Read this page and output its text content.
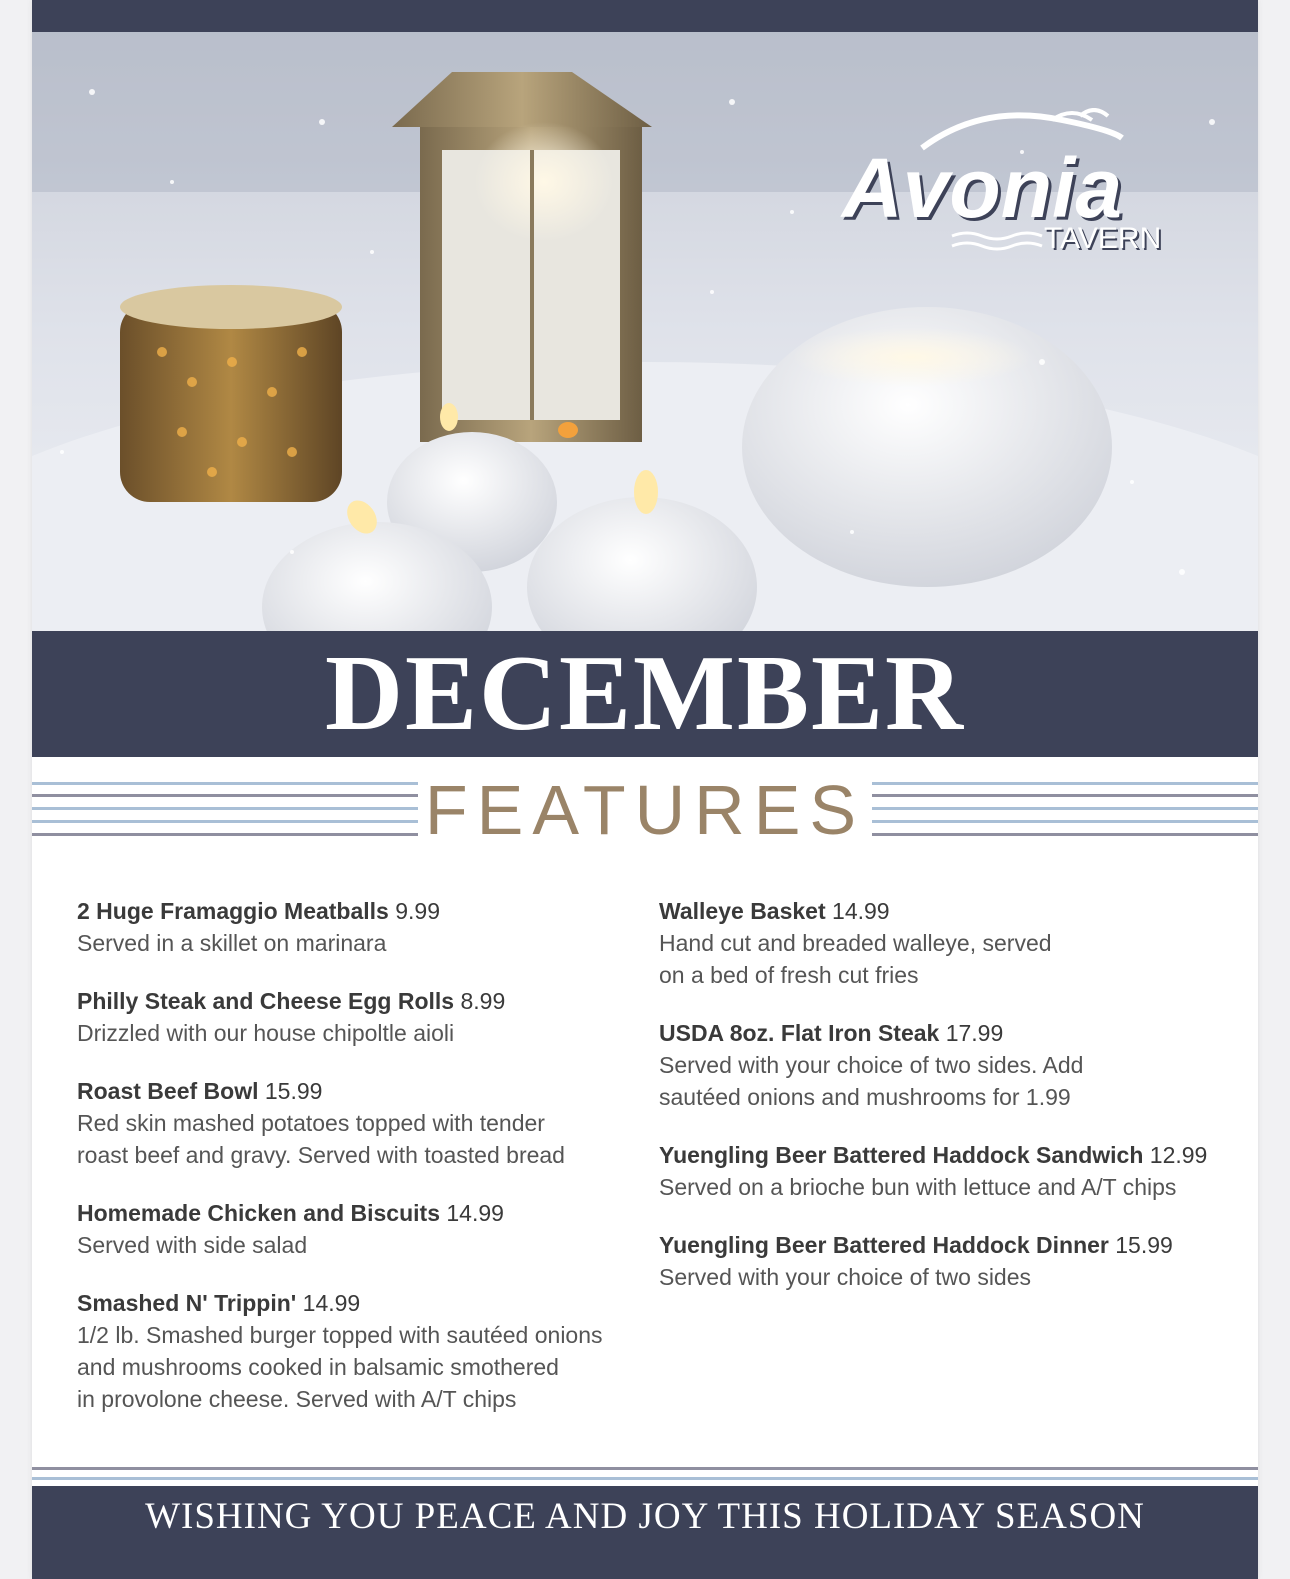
Avonia
TAVERN
DECEMBER
FEATURES
2 Huge Framaggio Meatballs 9.99
Served in a skillet on marinara
Philly Steak and Cheese Egg Rolls 8.99
Drizzled with our house chipoltle aioli
Roast Beef Bowl 15.99
Red skin mashed potatoes topped with tender
roast beef and gravy. Served with toasted bread
Homemade Chicken and Biscuits 14.99
Served with side salad
Smashed N' Trippin' 14.99
1/2 lb. Smashed burger topped with sautéed onions
and mushrooms cooked in balsamic smothered
in provolone cheese. Served with A/T chips
Walleye Basket 14.99
Hand cut and breaded walleye, served
on a bed of fresh cut fries
USDA 8oz. Flat Iron Steak 17.99
Served with your choice of two sides. Add
sautéed onions and mushrooms for 1.99
Yuengling Beer Battered Haddock Sandwich 12.99
Served on a brioche bun with lettuce and A/T chips
Yuengling Beer Battered Haddock Dinner 15.99
Served with your choice of two sides
WISHING YOU PEACE AND JOY THIS HOLIDAY SEASON
